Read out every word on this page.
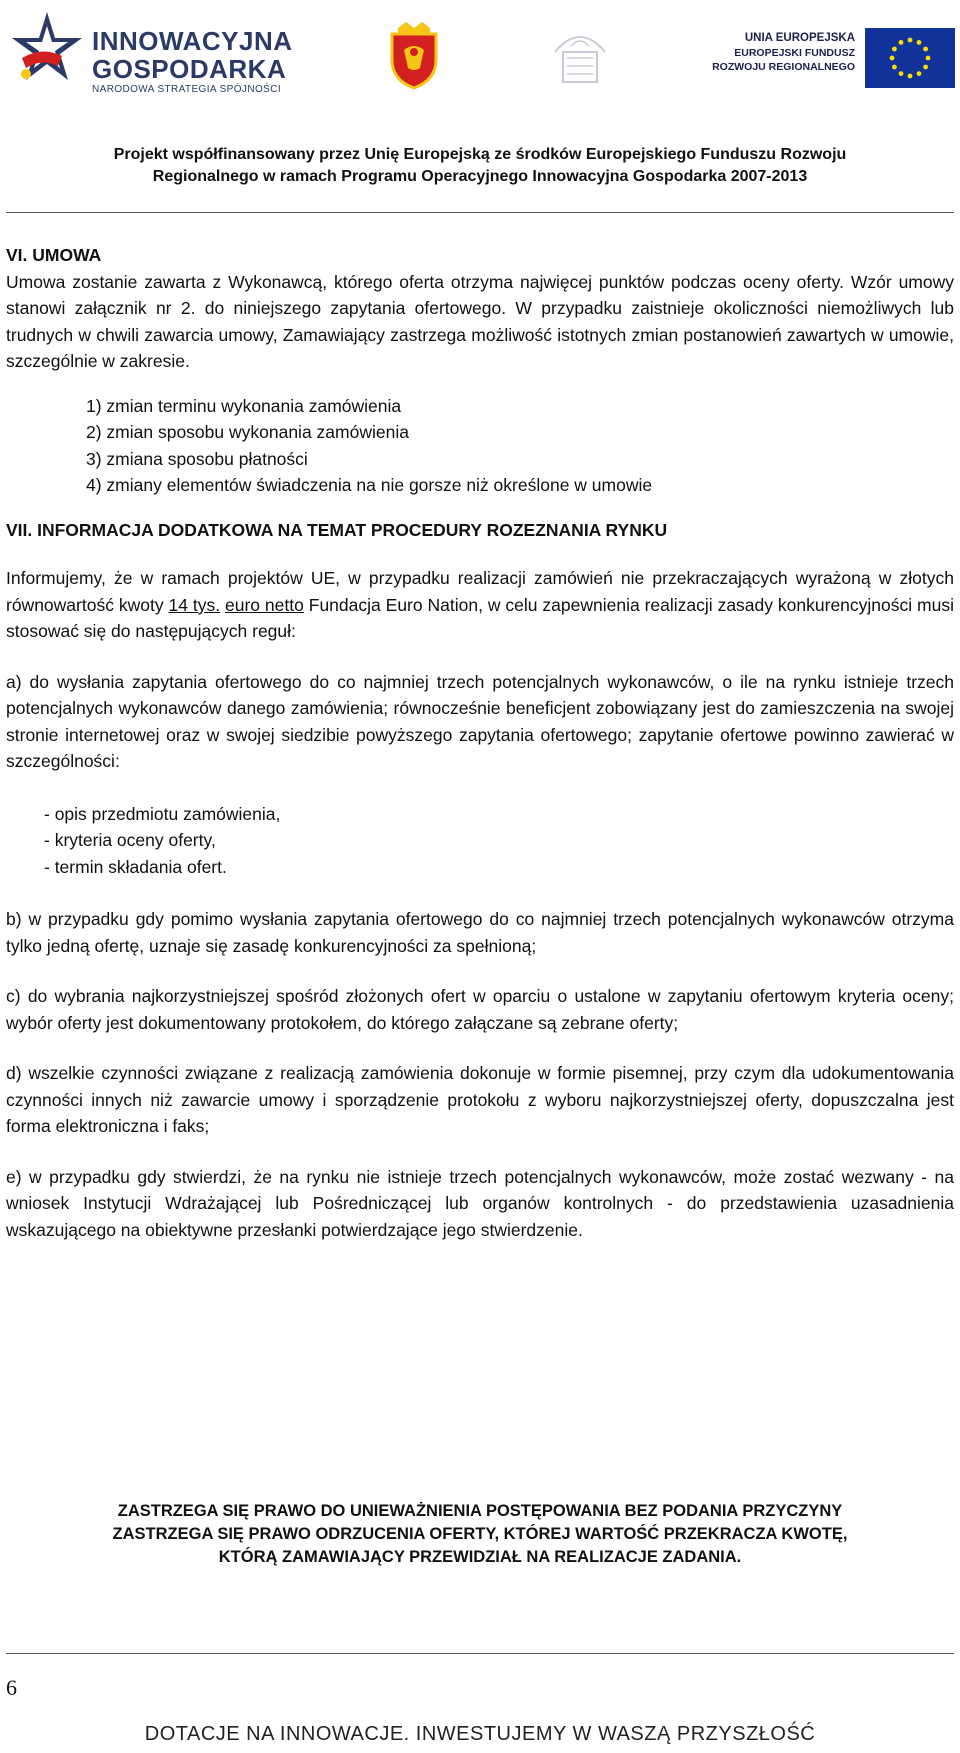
INNOWACYJNA
GOSPODARKA
NARODOWA STRATEGIA SPÓJNOŚCI
UNIA EUROPEJSKA
EUROPEJSKI FUNDUSZ
ROZWOJU REGIONALNEGO
Projekt współfinansowany przez Unię Europejską ze środków Europejskiego Funduszu Rozwoju
Regionalnego w ramach Programu Operacyjnego Innowacyjna Gospodarka 2007-2013

VI. UMOWA

Umowa zostanie zawarta z Wykonawcą, którego oferta otrzyma najwięcej punktów podczas oceny oferty. Wzór umowy stanowi załącznik nr 2. do niniejszego zapytania ofertowego. W przypadku zaistnieje okoliczności niemożliwych lub trudnych w chwili zawarcia umowy, Zamawiający zastrzega możliwość istotnych zmian postanowień zawartych w umowie, szczególnie w zakresie.

1) zmian terminu wykonania zamówienia
2) zmian sposobu wykonania zamówienia
3) zmiana sposobu płatności
4) zmiany elementów świadczenia na nie gorsze niż określone w umowie

VII. INFORMACJA DODATKOWA NA TEMAT PROCEDURY ROZEZNANIA RYNKU

Informujemy, że w ramach projektów UE, w przypadku realizacji zamówień nie przekraczających wyrażoną w złotych równowartość kwoty 14 tys. euro netto Fundacja Euro Nation, w celu zapewnienia realizacji zasady konkurencyjności musi stosować się do następujących reguł:

a) do wysłania zapytania ofertowego do co najmniej trzech potencjalnych wykonawców, o ile na rynku istnieje trzech potencjalnych wykonawców danego zamówienia; równocześnie beneficjent zobowiązany jest do zamieszczenia na swojej stronie internetowej oraz w swojej siedzibie powyższego zapytania ofertowego; zapytanie ofertowe powinno zawierać w szczególności:

- opis przedmiotu zamówienia,
- kryteria oceny oferty,
- termin składania ofert.

b) w przypadku gdy pomimo wysłania zapytania ofertowego do co najmniej trzech potencjalnych wykonawców otrzyma tylko jedną ofertę, uznaje się zasadę konkurencyjności za spełnioną;

c) do wybrania najkorzystniejszej spośród złożonych ofert w oparciu o ustalone w zapytaniu ofertowym kryteria oceny; wybór oferty jest dokumentowany protokołem, do którego załączane są zebrane oferty;

d) wszelkie czynności związane z realizacją zamówienia dokonuje w formie pisemnej, przy czym dla udokumentowania czynności innych niż zawarcie umowy i sporządzenie protokołu z wyboru najkorzystniejszej oferty, dopuszczalna jest forma elektroniczna i faks;

e) w przypadku gdy stwierdzi, że na rynku nie istnieje trzech potencjalnych wykonawców, może zostać wezwany - na wniosek Instytucji Wdrażającej lub Pośredniczącej lub organów kontrolnych - do przedstawienia uzasadnienia wskazującego na obiektywne przesłanki potwierdzające jego stwierdzenie.

ZASTRZEGA SIĘ PRAWO DO UNIEWAŻNIENIA POSTĘPOWANIA BEZ PODANIA PRZYCZYNY
ZASTRZEGA SIĘ PRAWO ODRZUCENIA OFERTY, KTÓREJ WARTOŚĆ PRZEKRACZA KWOTĘ,
KTÓRĄ ZAMAWIAJĄCY PRZEWIDZIAŁ NA REALIZACJE ZADANIA.
6
DOTACJE NA INNOWACJE. INWESTUJEMY W WASZĄ PRZYSZŁOŚĆ
